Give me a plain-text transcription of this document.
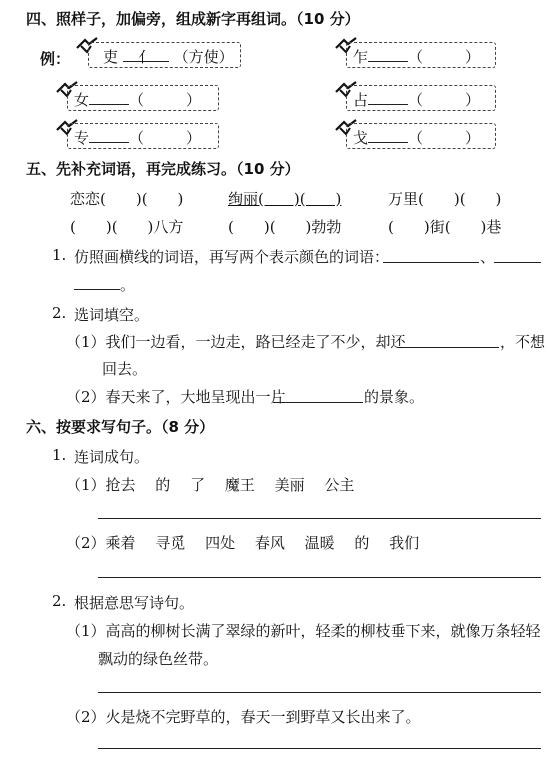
四、照样子，加偏旁，组成新字再组词。（10 分）
例： 吏 亻 （方使）	乍	（	）
女	（	）	占	（	）
专	（	）	戈	（	）
五、先补充词语，再完成练习。（10 分）
恋恋(　　)(　　)	绚丽(　　)(　　)	万里(　　)(　　)
(　　)(　　)八方	(　　)(　　)勃勃	(　　)街(　　)巷
1. 仿照画横线的词语，再写两个表示颜色的词语：	、
。
2. 选词填空。
（1）我们一边看，一边走，路已经走了不少，却还	，不想
回去。
（2）春天来了，大地呈现出一片	的景象。
六、按要求写句子。（8 分）
1. 连词成句。
（1）抢去　 的　 了　 魔王　 美丽　 公主
（2）乘着　 寻觅　 四处　 春风　 温暖　 的　 我们
2. 根据意思写诗句。
（1）高高的柳树长满了翠绿的新叶，轻柔的柳枝垂下来，就像万条轻轻
飘动的绿色丝带。
（2）火是烧不完野草的，春天一到野草又长出来了。
